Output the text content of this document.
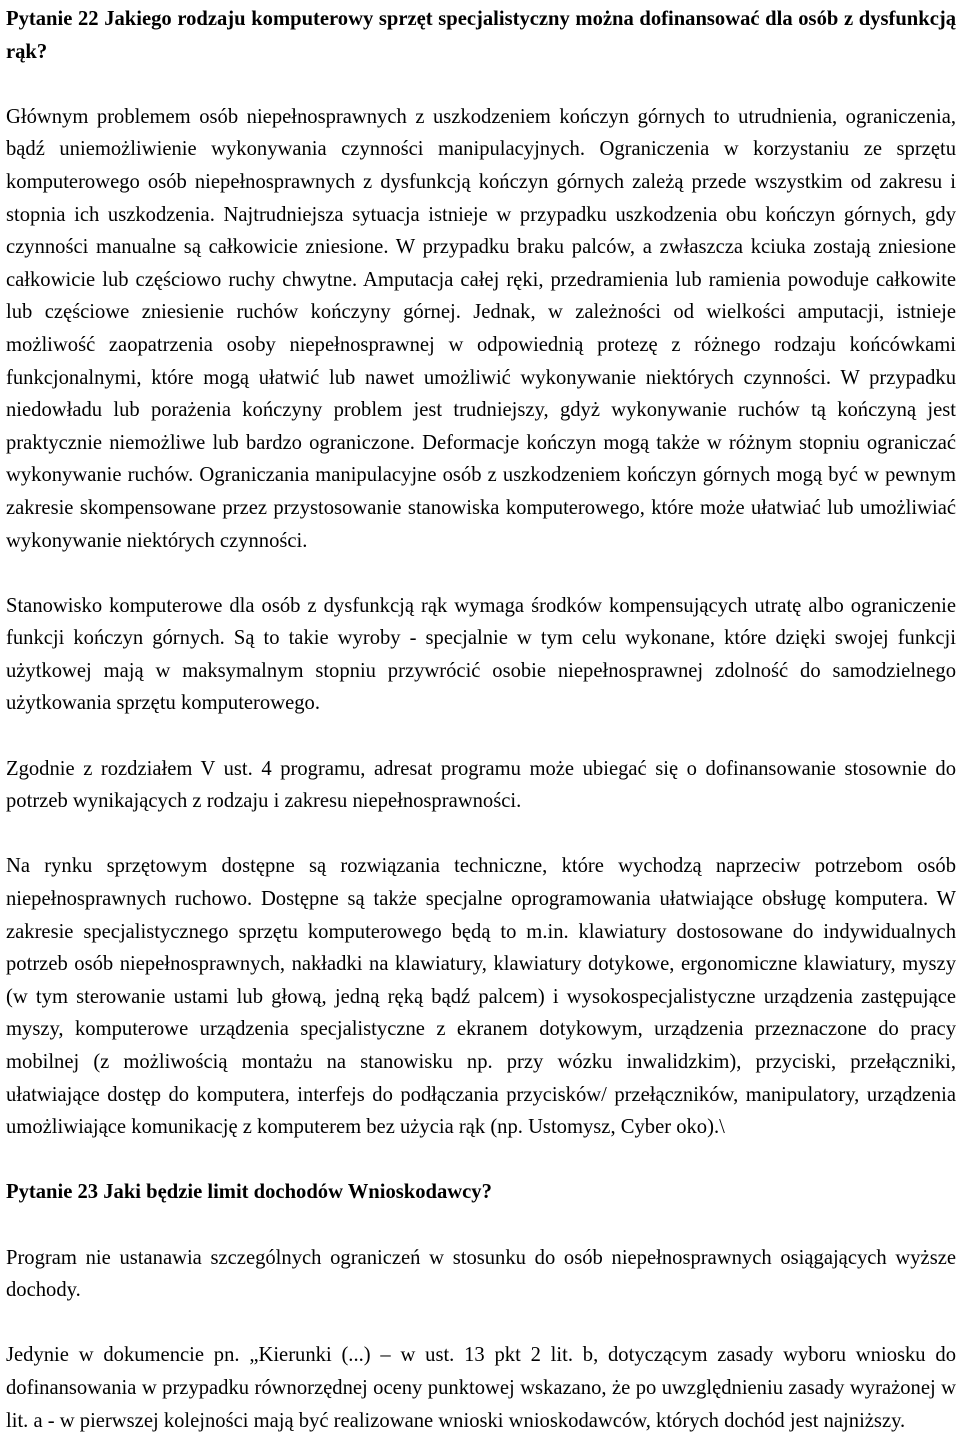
Pytanie 22 Jakiego rodzaju komputerowy sprzęt specjalistyczny można dofinansować dla osób z dysfunkcją rąk?

Głównym problemem osób niepełnosprawnych z uszkodzeniem kończyn górnych to utrudnienia, ograniczenia, bądź uniemożliwienie wykonywania czynności manipulacyjnych. Ograniczenia w korzystaniu ze sprzętu komputerowego osób niepełnosprawnych z dysfunkcją kończyn górnych zależą przede wszystkim od zakresu i stopnia ich uszkodzenia. Najtrudniejsza sytuacja istnieje w przypadku uszkodzenia obu kończyn górnych, gdy czynności manualne są całkowicie zniesione. W przypadku braku palców, a zwłaszcza kciuka zostają zniesione całkowicie lub częściowo ruchy chwytne. Amputacja całej ręki, przedramienia lub ramienia powoduje całkowite lub częściowe zniesienie ruchów kończyny górnej. Jednak, w zależności od wielkości amputacji, istnieje możliwość zaopatrzenia osoby niepełnosprawnej w odpowiednią protezę z różnego rodzaju końcówkami funkcjonalnymi, które mogą ułatwić lub nawet umożliwić wykonywanie niektórych czynności. W przypadku niedowładu lub porażenia kończyny problem jest trudniejszy, gdyż wykonywanie ruchów tą kończyną jest praktycznie niemożliwe lub bardzo ograniczone. Deformacje kończyn mogą także w różnym stopniu ograniczać wykonywanie ruchów. Ograniczania manipulacyjne osób z uszkodzeniem kończyn górnych mogą być w pewnym zakresie skompensowane przez przystosowanie stanowiska komputerowego, które może ułatwiać lub umożliwiać wykonywanie niektórych czynności.

Stanowisko komputerowe dla osób z dysfunkcją rąk wymaga środków kompensujących utratę albo ograniczenie funkcji kończyn górnych. Są to takie wyroby - specjalnie w tym celu wykonane, które dzięki swojej funkcji użytkowej mają w maksymalnym stopniu przywrócić osobie niepełnosprawnej zdolność do samodzielnego użytkowania sprzętu komputerowego.

Zgodnie z rozdziałem V ust. 4 programu, adresat programu może ubiegać się o dofinansowanie stosownie do potrzeb wynikających z rodzaju i zakresu niepełnosprawności.

Na rynku sprzętowym dostępne są rozwiązania techniczne, które wychodzą naprzeciw potrzebom osób niepełnosprawnych ruchowo. Dostępne są także specjalne oprogramowania ułatwiające obsługę komputera. W zakresie specjalistycznego sprzętu komputerowego będą to m.in. klawiatury dostosowane do indywidualnych potrzeb osób niepełnosprawnych, nakładki na klawiatury, klawiatury dotykowe, ergonomiczne klawiatury, myszy (w tym sterowanie ustami lub głową, jedną ręką bądź palcem) i wysokospecjalistyczne urządzenia zastępujące myszy, komputerowe urządzenia specjalistyczne z ekranem dotykowym, urządzenia przeznaczone do pracy mobilnej (z możliwością montażu na stanowisku np. przy wózku inwalidzkim), przyciski, przełączniki, ułatwiające dostęp do komputera, interfejs do podłączania przycisków/ przełączników, manipulatory, urządzenia umożliwiające komunikację z komputerem bez użycia rąk (np. Ustomysz, Cyber oko).\

Pytanie 23 Jaki będzie limit dochodów Wnioskodawcy?

Program nie ustanawia szczególnych ograniczeń w stosunku do osób niepełnosprawnych osiągających wyższe dochody.

Jedynie w dokumencie pn. „Kierunki (...) – w ust. 13 pkt 2 lit. b, dotyczącym zasady wyboru wniosku do dofinansowania w przypadku równorzędnej oceny punktowej wskazano, że po uwzględnieniu zasady wyrażonej w lit. a - w pierwszej kolejności mają być realizowane wnioski wnioskodawców, których dochód jest najniższy.
